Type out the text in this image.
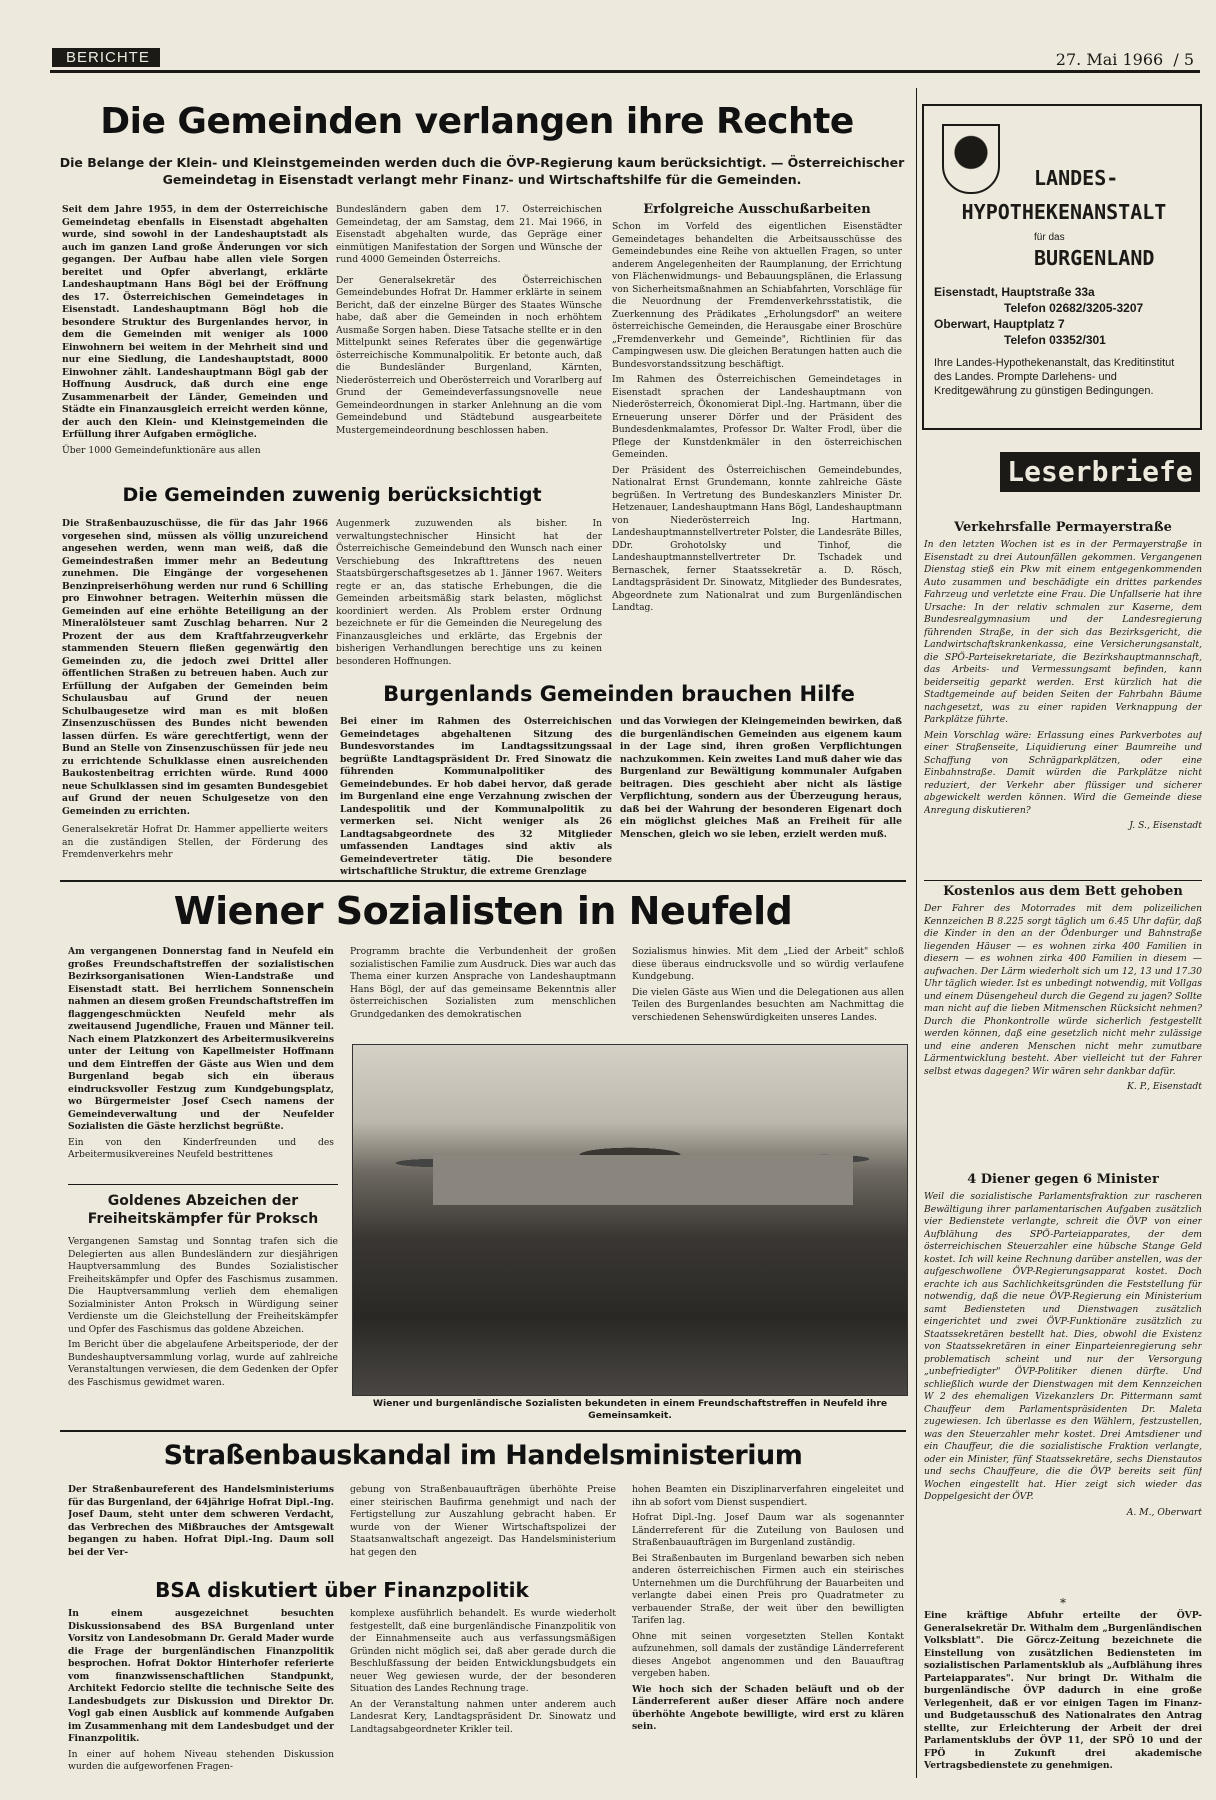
BERICHTE	27. Mai 1966 / 5
Die Gemeinden verlangen ihre Rechte
Die Belange der Klein- und Kleinstgemeinden werden duch die ÖVP-Regierung kaum berücksichtigt. — Österreichischer Gemeindetag in Eisenstadt verlangt mehr Finanz- und Wirtschaftshilfe für die Gemeinden.

Seit dem Jahre 1955, in dem der Österreichische Gemeindetag ebenfalls in Eisenstadt abgehalten wurde, sind sowohl in der Landeshauptstadt als auch im ganzen Land große Änderungen vor sich gegangen. Der Aufbau habe allen viele Sorgen bereitet und Opfer abverlangt, erklärte Landeshauptmann Hans Bögl bei der Eröffnung des 17. Österreichischen Gemeindetages in Eisenstadt. Landeshauptmann Bögl hob die besondere Struktur des Burgenlandes hervor, in dem die Gemeinden mit weniger als 1000 Einwohnern bei weitem in der Mehrheit sind und nur eine Siedlung, die Landeshauptstadt, 8000 Einwohner zählt. Landeshauptmann Bögl gab der Hoffnung Ausdruck, daß durch eine enge Zusammenarbeit der Länder, Gemeinden und Städte ein Finanzausgleich erreicht werden könne, der auch den Klein- und Kleinstgemeinden die Erfüllung ihrer Aufgaben ermögliche.

Über 1000 Gemeindefunktionäre aus allen

Bundesländern gaben dem 17. Österreichischen Gemeindetag, der am Samstag, dem 21. Mai 1966, in Eisenstadt abgehalten wurde, das Gepräge einer einmütigen Manifestation der Sorgen und Wünsche der rund 4000 Gemeinden Österreichs.

Der Generalsekretär des Österreichischen Gemeindebundes Hofrat Dr. Hammer erklärte in seinem Bericht, daß der einzelne Bürger des Staates Wünsche habe, daß aber die Gemeinden in noch erhöhtem Ausmaße Sorgen haben. Diese Tatsache stellte er in den Mittelpunkt seines Referates über die gegenwärtige österreichische Kommunalpolitik. Er betonte auch, daß die Bundesländer Burgenland, Kärnten, Niederösterreich und Oberösterreich und Vorarlberg auf Grund der Gemeindeverfassungsnovelle neue Gemeindeordnungen in starker Anlehnung an die vom Gemeindebund und Städtebund ausgearbeitete Mustergemeindeordnung beschlossen haben.

Erfolgreiche Ausschußarbeiten

Schon im Vorfeld des eigentlichen Eisenstädter Gemeindetages behandelten die Arbeitsausschüsse des Gemeindebundes eine Reihe von aktuellen Fragen, so unter anderem Angelegenheiten der Raumplanung, der Errichtung von Flächenwidmungs- und Bebauungsplänen, die Erlassung von Sicherheitsmaßnahmen an Schiabfahrten, Vorschläge für die Neuordnung der Fremdenverkehrsstatistik, die Zuerkennung des Prädikates „Erholungsdorf" an weitere österreichische Gemeinden, die Herausgabe einer Broschüre „Fremdenverkehr und Gemeinde", Richtlinien für das Campingwesen usw. Die gleichen Beratungen hatten auch die Bundesvorstandssitzung beschäftigt.

Im Rahmen des Österreichischen Gemeindetages in Eisenstadt sprachen der Landeshauptmann von Niederösterreich, Ökonomierat Dipl.-Ing. Hartmann, über die Erneuerung unserer Dörfer und der Präsident des Bundesdenkmalamtes, Professor Dr. Walter Frodl, über die Pflege der Kunstdenkmäler in den österreichischen Gemeinden.

Der Präsident des Österreichischen Gemeindebundes, Nationalrat Ernst Grundemann, konnte zahlreiche Gäste begrüßen. In Vertretung des Bundeskanzlers Minister Dr. Hetzenauer, Landeshauptmann Hans Bögl, Landeshauptmann von Niederösterreich Ing. Hartmann, Landeshauptmannstellvertreter Polster, die Landesräte Billes, DDr. Grohotolsky und Tinhof, die Landeshauptmannstellvertreter Dr. Tschadek und Bernaschek, ferner Staatssekretär a. D. Rösch, Landtagspräsident Dr. Sinowatz, Mitglieder des Bundesrates, Abgeordnete zum Nationalrat und zum Burgenländischen Landtag.

Die Gemeinden zuwenig berücksichtigt

Die Straßenbauzuschüsse, die für das Jahr 1966 vorgesehen sind, müssen als völlig unzureichend angesehen werden, wenn man weiß, daß die Gemeindestraßen immer mehr an Bedeutung zunehmen. Die Eingänge der vorgesehenen Benzinpreiserhöhung werden nur rund 6 Schilling pro Einwohner betragen. Weiterhin müssen die Gemeinden auf eine erhöhte Beteiligung an der Mineralölsteuer samt Zuschlag beharren. Nur 2 Prozent der aus dem Kraftfahrzeugverkehr stammenden Steuern fließen gegenwärtig den Gemeinden zu, die jedoch zwei Drittel aller öffentlichen Straßen zu betreuen haben. Auch zur Erfüllung der Aufgaben der Gemeinden beim Schulausbau auf Grund der neuen Schulbaugesetze wird man es mit bloßen Zinsenzuschüssen des Bundes nicht bewenden lassen dürfen. Es wäre gerechtfertigt, wenn der Bund an Stelle von Zinsenzuschüssen für jede neu zu errichtende Schulklasse einen ausreichenden Baukostenbeitrag errichten würde. Rund 4000 neue Schulklassen sind im gesamten Bundesgebiet auf Grund der neuen Schulgesetze von den Gemeinden zu errichten.

Generalsekretär Hofrat Dr. Hammer appellierte weiters an die zuständigen Stellen, der Förderung des Fremdenverkehrs mehr

Augenmerk zuzuwenden als bisher. In verwaltungstechnischer Hinsicht hat der Österreichische Gemeindebund den Wunsch nach einer Verschiebung des Inkrafttretens des neuen Staatsbürgerschaftsgesetzes ab 1. Jänner 1967. Weiters regte er an, das statische Erhebungen, die die Gemeinden arbeitsmäßig stark belasten, möglichst koordiniert werden. Als Problem erster Ordnung bezeichnete er für die Gemeinden die Neuregelung des Finanzausgleiches und erklärte, das Ergebnis der bisherigen Verhandlungen berechtige uns zu keinen besonderen Hoffnungen.

Burgenlands Gemeinden brauchen Hilfe

Bei einer im Rahmen des Österreichischen Gemeindetages abgehaltenen Sitzung des Bundesvorstandes im Landtagssitzungssaal begrüßte Landtagspräsident Dr. Fred Sinowatz die führenden Kommunalpolitiker des Gemeindebundes. Er hob dabei hervor, daß gerade im Burgenland eine enge Verzahnung zwischen der Landespolitik und der Kommunalpolitik zu vermerken sei. Nicht weniger als 26 Landtagsabgeordnete des 32 Mitglieder umfassenden Landtages sind aktiv als Gemeindevertreter tätig. Die besondere wirtschaftliche Struktur, die extreme Grenzlage

und das Vorwiegen der Kleingemeinden bewirken, daß die burgenländischen Gemeinden aus eigenem kaum in der Lage sind, ihren großen Verpflichtungen nachzukommen. Kein zweites Land muß daher wie das Burgenland zur Bewältigung kommunaler Aufgaben beitragen. Dies geschieht aber nicht als lästige Verpflichtung, sondern aus der Überzeugung heraus, daß bei der Wahrung der besonderen Eigenart doch ein möglichst gleiches Maß an Freiheit für alle Menschen, gleich wo sie leben, erzielt werden muß.

LANDES-
HYPOTHEKENANSTALT
für das
BURGENLAND
Eisenstadt, Hauptstraße 33a
Telefon 02682/3205-3207
Oberwart, Hauptplatz 7
Telefon 03352/301
Ihre Landes-Hypothekenanstalt, das Kreditinstitut des Landes. Prompte Darlehens- und Kreditgewährung zu günstigen Bedingungen.
Leserbriefe
Verkehrsfalle Permayerstraße

In den letzten Wochen ist es in der Permayerstraße in Eisenstadt zu drei Autounfällen gekommen. Vergangenen Dienstag stieß ein Pkw mit einem entgegenkommenden Auto zusammen und beschädigte ein drittes parkendes Fahrzeug und verletzte eine Frau. Die Unfallserie hat ihre Ursache: In der relativ schmalen zur Kaserne, dem Bundesrealgymnasium und der Landesregierung führenden Straße, in der sich das Bezirksgericht, die Landwirtschaftskrankenkassa, eine Versicherungsanstalt, die SPÖ-Parteisekretariate, die Bezirkshauptmannschaft, das Arbeits- und Vermessungsamt befinden, kann beiderseitig geparkt werden. Erst kürzlich hat die Stadtgemeinde auf beiden Seiten der Fahrbahn Bäume nachgesetzt, was zu einer rapiden Verknappung der Parkplätze führte.

Mein Vorschlag wäre: Erlassung eines Parkverbotes auf einer Straßenseite, Liquidierung einer Baumreihe und Schaffung von Schrägparkplätzen, oder eine Einbahnstraße. Damit würden die Parkplätze nicht reduziert, der Verkehr aber flüssiger und sicherer abgewickelt werden können. Wird die Gemeinde diese Anregung diskutieren?

J. S., Eisenstadt
Kostenlos aus dem Bett gehoben

Der Fahrer des Motorrades mit dem polizeilichen Kennzeichen B 8.225 sorgt täglich um 6.45 Uhr dafür, daß die Kinder in den an der Ödenburger und Bahnstraße liegenden Häuser — es wohnen zirka 400 Familien in diesern — es wohnen zirka 400 Familien in diesem — aufwachen. Der Lärm wiederholt sich um 12, 13 und 17.30 Uhr täglich wieder. Ist es unbedingt notwendig, mit Vollgas und einem Düsengeheul durch die Gegend zu jagen? Sollte man nicht auf die lieben Mitmenschen Rücksicht nehmen? Durch die Phonkontrolle würde sicherlich festgestellt werden können, daß eine gesetzlich nicht mehr zulässige und eine anderen Menschen nicht mehr zumutbare Lärmentwicklung besteht. Aber vielleicht tut der Fahrer selbst etwas dagegen? Wir wären sehr dankbar dafür.

K. P., Eisenstadt
4 Diener gegen 6 Minister

Weil die sozialistische Parlamentsfraktion zur rascheren Bewältigung ihrer parlamentarischen Aufgaben zusätzlich vier Bedienstete verlangte, schreit die ÖVP von einer Aufblähung des SPÖ-Parteiapparates, der dem österreichischen Steuerzahler eine hübsche Stange Geld kostet. Ich will keine Rechnung darüber anstellen, was der aufgeschwollene ÖVP-Regierungsapparat kostet. Doch erachte ich aus Sachlichkeitsgründen die Feststellung für notwendig, daß die neue ÖVP-Regierung ein Ministerium samt Bediensteten und Dienstwagen zusätzlich eingerichtet und zwei ÖVP-Funktionäre zusätzlich zu Staatssekretären bestellt hat. Dies, obwohl die Existenz von Staatssekretären in einer Einparteienregierung sehr problematisch scheint und nur der Versorgung „unbefriedigter" ÖVP-Politiker dienen dürfte. Und schließlich wurde der Dienstwagen mit dem Kennzeichen W 2 des ehemaligen Vizekanzlers Dr. Pittermann samt Chauffeur dem Parlamentspräsidenten Dr. Maleta zugewiesen. Ich überlasse es den Wählern, festzustellen, was den Steuerzahler mehr kostet. Drei Amtsdiener und ein Chauffeur, die die sozialistische Fraktion verlangte, oder ein Minister, fünf Staatssekretäre, sechs Dienstautos und sechs Chauffeure, die die ÖVP bereits seit fünf Wochen eingestellt hat. Hier zeigt sich wieder das Doppelgesicht der ÖVP.

A. M., Oberwart
*

Eine kräftige Abfuhr erteilte der ÖVP-Generalsekretär Dr. Withalm dem „Burgenländischen Volksblatt". Die Görcz-Zeitung bezeichnete die Einstellung von zusätzlichen Bediensteten im sozialistischen Parlamentsklub als „Aufblähung ihres Parteiapparates". Nur bringt Dr. Withalm die burgenländische ÖVP dadurch in eine große Verlegenheit, daß er vor einigen Tagen im Finanz- und Budgetausschuß des Nationalrates den Antrag stellte, zur Erleichterung der Arbeit der drei Parlamentsklubs der ÖVP 11, der SPÖ 10 und der FPÖ in Zukunft drei akademische Vertragsbedienstete zu genehmigen.

Wiener Sozialisten in Neufeld

Am vergangenen Donnerstag fand in Neufeld ein großes Freundschaftstreffen der sozialistischen Bezirksorganisationen Wien-Landstraße und Eisenstadt statt. Bei herrlichem Sonnenschein nahmen an diesem großen Freundschaftstreffen im flaggengeschmückten Neufeld mehr als zweitausend Jugendliche, Frauen und Männer teil. Nach einem Platzkonzert des Arbeitermusikvereins unter der Leitung von Kapellmeister Hoffmann und dem Eintreffen der Gäste aus Wien und dem Burgenland begab sich ein überaus eindrucksvoller Festzug zum Kundgebungsplatz, wo Bürgermeister Josef Csech namens der Gemeindeverwaltung und der Neufelder Sozialisten die Gäste herzlichst begrüßte.

Ein von den Kinderfreunden und des Arbeitermusikvereines Neufeld bestrittenes

Programm brachte die Verbundenheit der großen sozialistischen Familie zum Ausdruck. Dies war auch das Thema einer kurzen Ansprache von Landeshauptmann Hans Bögl, der auf das gemeinsame Bekenntnis aller österreichischen Sozialisten zum menschlichen Grundgedanken des demokratischen

Sozialismus hinwies. Mit dem „Lied der Arbeit" schloß diese überaus eindrucksvolle und so würdig verlaufene Kundgebung.

Die vielen Gäste aus Wien und die Delegationen aus allen Teilen des Burgenlandes besuchten am Nachmittag die verschiedenen Sehenswürdigkeiten unseres Landes.

Wiener und burgenländische Sozialisten bekundeten in einem Freundschaftstreffen in Neufeld ihre Gemeinsamkeit.
Goldenes Abzeichen der
Freiheitskämpfer für Proksch

Vergangenen Samstag und Sonntag trafen sich die Delegierten aus allen Bundesländern zur diesjährigen Hauptversammlung des Bundes Sozialistischer Freiheitskämpfer und Opfer des Faschismus zusammen. Die Hauptversammlung verlieh dem ehemaligen Sozialminister Anton Proksch in Würdigung seiner Verdienste um die Gleichstellung der Freiheitskämpfer und Opfer des Faschismus das goldene Abzeichen.

Im Bericht über die abgelaufene Arbeitsperiode, der der Bundeshauptversammlung vorlag, wurde auf zahlreiche Veranstaltungen verwiesen, die dem Gedenken der Opfer des Faschismus gewidmet waren.

Straßenbauskandal im Handelsministerium

Der Straßenbaureferent des Handelsministeriums für das Burgenland, der 64jährige Hofrat Dipl.-Ing. Josef Daum, steht unter dem schweren Verdacht, das Verbrechen des Mißbrauches der Amtsgewalt begangen zu haben. Hofrat Dipl.-Ing. Daum soll bei der Ver-

gebung von Straßenbauaufträgen überhöhte Preise einer steirischen Baufirma genehmigt und nach der Fertigstellung zur Auszahlung gebracht haben. Er wurde von der Wiener Wirtschaftspolizei der Staatsanwaltschaft angezeigt. Das Handelsministerium hat gegen den

hohen Beamten ein Disziplinarverfahren eingeleitet und ihn ab sofort vom Dienst suspendiert.

Hofrat Dipl.-Ing. Josef Daum war als sogenannter Länderreferent für die Zuteilung von Baulosen und Straßenbauaufträgen im Burgenland zuständig.

Bei Straßenbauten im Burgenland bewarben sich neben anderen österreichischen Firmen auch ein steirisches Unternehmen um die Durchführung der Bauarbeiten und verlangte dabei einen Preis pro Quadratmeter zu verbauender Straße, der weit über den bewilligten Tarifen lag.

Ohne mit seinen vorgesetzten Stellen Kontakt aufzunehmen, soll damals der zuständige Länderreferent dieses Angebot angenommen und den Bauauftrag vergeben haben.

Wie hoch sich der Schaden beläuft und ob der Länderreferent außer dieser Affäre noch andere überhöhte Angebote bewilligte, wird erst zu klären sein.

BSA diskutiert über Finanzpolitik

In einem ausgezeichnet besuchten Diskussionsabend des BSA Burgenland unter Vorsitz von Landesobmann Dr. Gerald Mader wurde die Frage der burgenländischen Finanzpolitik besprochen. Hofrat Doktor Hinterhofer referierte vom finanzwissenschaftlichen Standpunkt, Architekt Fedorcio stellte die technische Seite des Landesbudgets zur Diskussion und Direktor Dr. Vogl gab einen Ausblick auf kommende Aufgaben im Zusammenhang mit dem Landesbudget und der Finanzpolitik.

In einer auf hohem Niveau stehenden Diskussion wurden die aufgeworfenen Fragen-

komplexe ausführlich behandelt. Es wurde wiederholt festgestellt, daß eine burgenländische Finanzpolitik von der Einnahmenseite auch aus verfassungsmäßigen Gründen nicht möglich sei, daß aber gerade durch die Beschlußfassung der beiden Entwicklungsbudgets ein neuer Weg gewiesen wurde, der der besonderen Situation des Landes Rechnung trage.

An der Veranstaltung nahmen unter anderem auch Landesrat Kery, Landtagspräsident Dr. Sinowatz und Landtagsabgeordneter Krikler teil.
